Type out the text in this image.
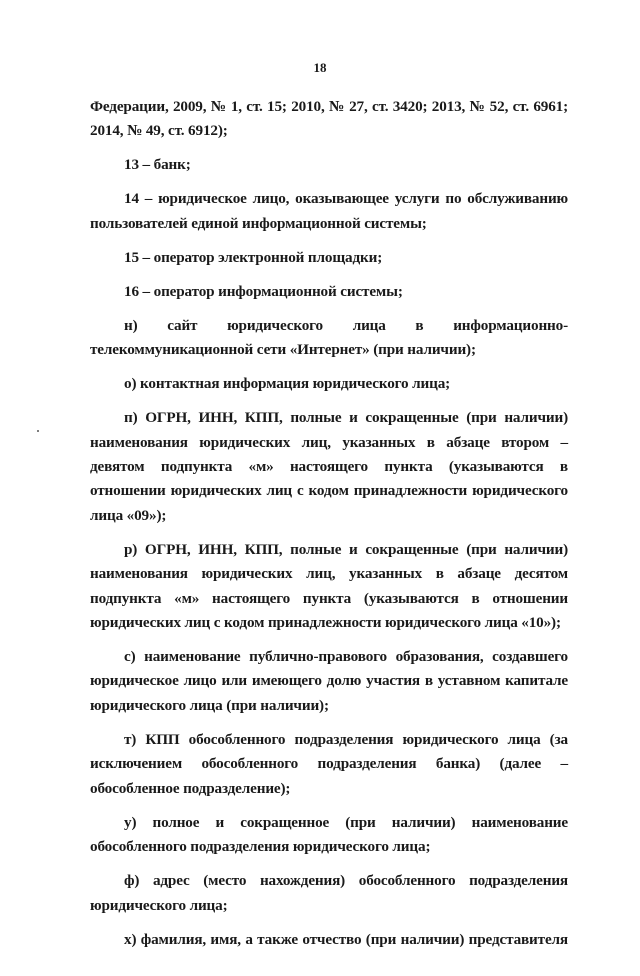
18

Федерации, 2009, № 1, ст. 15; 2010, № 27, ст. 3420; 2013, № 52, ст. 6961; 2014, № 49, ст. 6912);

13 – банк;

14 – юридическое лицо, оказывающее услуги по обслуживанию пользователей единой информационной системы;

15 – оператор электронной площадки;

16 – оператор информационной системы;

н) сайт юридического лица в информационно-телекоммуникационной сети «Интернет» (при наличии);

о) контактная информация юридического лица;

п) ОГРН, ИНН, КПП, полные и сокращенные (при наличии) наименования юридических лиц, указанных в абзаце втором – девятом подпункта «м» настоящего пункта (указываются в отношении юридических лиц с кодом принадлежности юридического лица «09»);

р) ОГРН, ИНН, КПП, полные и сокращенные (при наличии) наименования юридических лиц, указанных в абзаце десятом подпункта «м» настоящего пункта (указываются в отношении юридических лиц с кодом принадлежности юридического лица «10»);

с) наименование публично-правового образования, создавшего юридическое лицо или имеющего долю участия в уставном капитале юридического лица (при наличии);

т) КПП обособленного подразделения юридического лица (за исключением обособленного подразделения банка) (далее – обособленное подразделение);

у) полное и сокращенное (при наличии) наименование обособленного подразделения юридического лица;

ф) адрес (место нахождения) обособленного подразделения юридического лица;

х) фамилия, имя, а также отчество (при наличии) представителя
